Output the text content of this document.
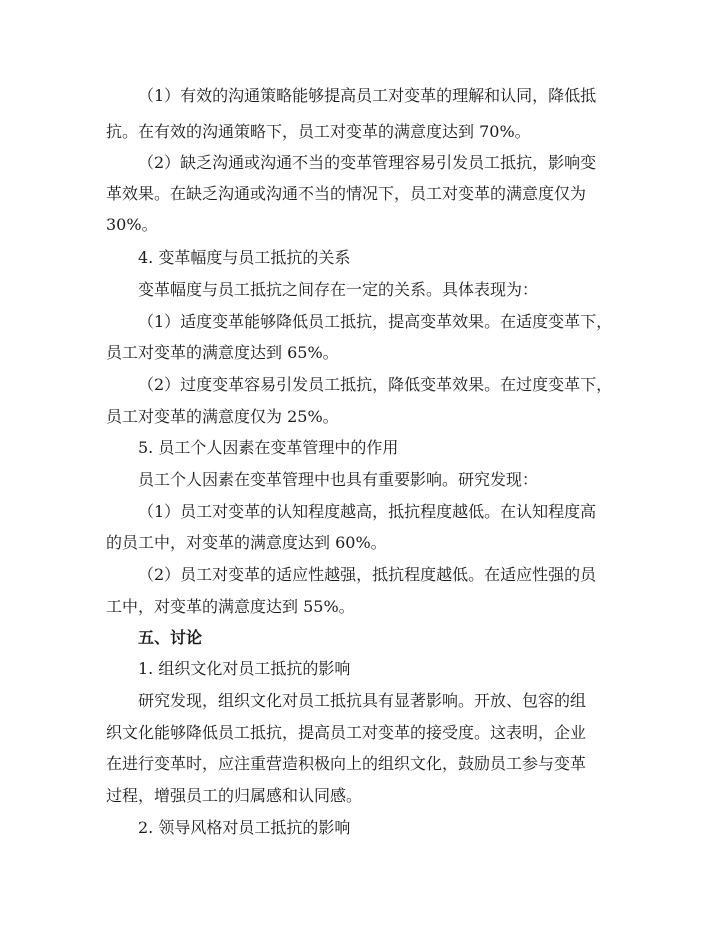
（1）有效的沟通策略能够提高员工对变革的理解和认同，降低抵
抗。在有效的沟通策略下，员工对变革的满意度达到 70%。
（2）缺乏沟通或沟通不当的变革管理容易引发员工抵抗，影响变
革效果。在缺乏沟通或沟通不当的情况下，员工对变革的满意度仅为
30%。
4. 变革幅度与员工抵抗的关系
变革幅度与员工抵抗之间存在一定的关系。具体表现为：
（1）适度变革能够降低员工抵抗，提高变革效果。在适度变革下，
员工对变革的满意度达到 65%。
（2）过度变革容易引发员工抵抗，降低变革效果。在过度变革下，
员工对变革的满意度仅为 25%。
5. 员工个人因素在变革管理中的作用
员工个人因素在变革管理中也具有重要影响。研究发现：
（1）员工对变革的认知程度越高，抵抗程度越低。在认知程度高
的员工中，对变革的满意度达到 60%。
（2）员工对变革的适应性越强，抵抗程度越低。在适应性强的员
工中，对变革的满意度达到 55%。
五、讨论
1. 组织文化对员工抵抗的影响
研究发现，组织文化对员工抵抗具有显著影响。开放、包容的组
织文化能够降低员工抵抗，提高员工对变革的接受度。这表明，企业
在进行变革时，应注重营造积极向上的组织文化，鼓励员工参与变革
过程，增强员工的归属感和认同感。
2. 领导风格对员工抵抗的影响
